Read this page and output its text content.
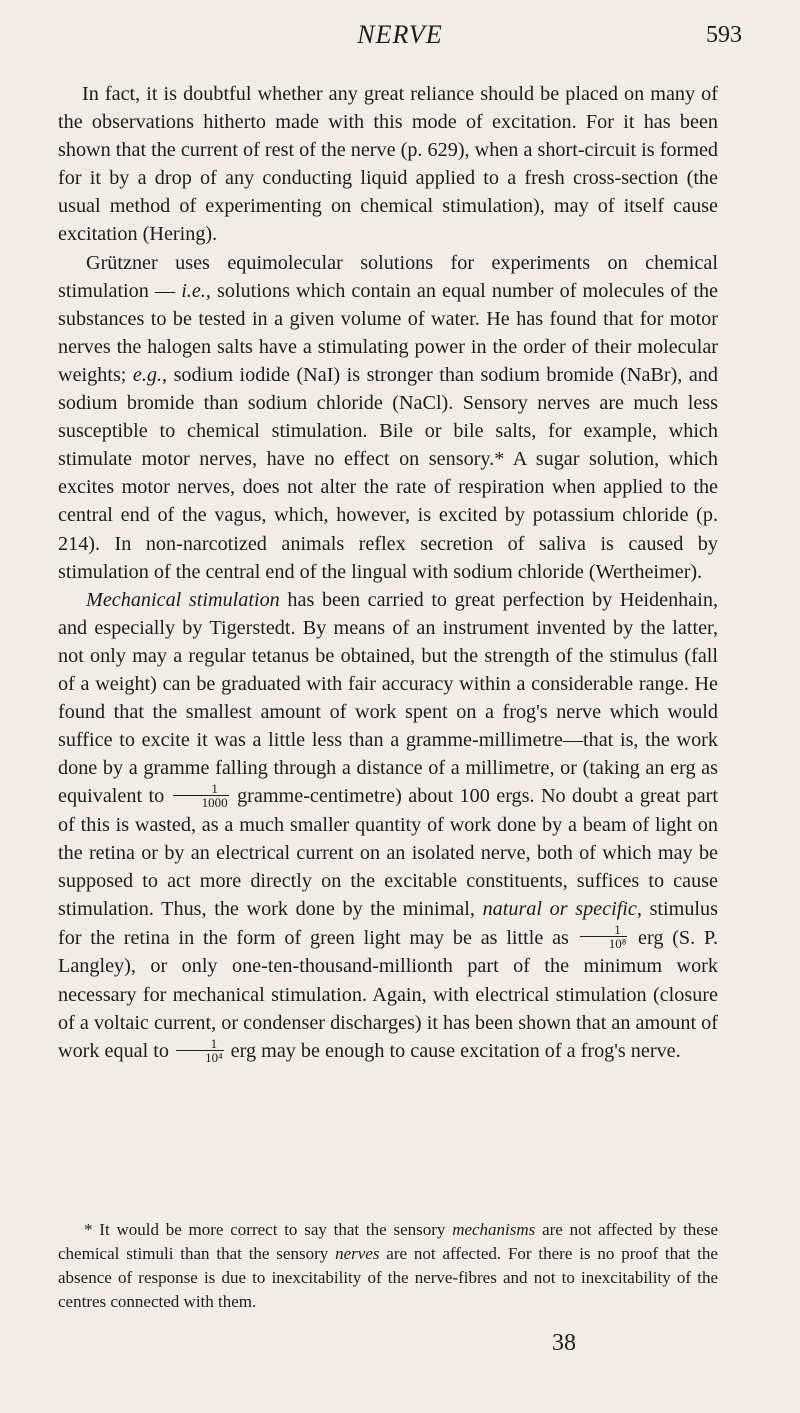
NERVE	593

In fact, it is doubtful whether any great reliance should be placed on many of the observations hitherto made with this mode of excitation. For it has been shown that the current of rest of the nerve (p. 629), when a short-circuit is formed for it by a drop of any conducting liquid applied to a fresh cross-section (the usual method of experimenting on chemical stimulation), may of itself cause excitation (Hering).

Grützner uses equimolecular solutions for experiments on chemical stimulation — i.e., solutions which contain an equal number of molecules of the substances to be tested in a given volume of water. He has found that for motor nerves the halogen salts have a stimulating power in the order of their molecular weights; e.g., sodium iodide (NaI) is stronger than sodium bromide (NaBr), and sodium bromide than sodium chloride (NaCl). Sensory nerves are much less susceptible to chemical stimulation. Bile or bile salts, for example, which stimulate motor nerves, have no effect on sensory.* A sugar solution, which excites motor nerves, does not alter the rate of respiration when applied to the central end of the vagus, which, however, is excited by potassium chloride (p. 214). In non-narcotized animals reflex secretion of saliva is caused by stimulation of the central end of the lingual with sodium chloride (Wertheimer).

Mechanical stimulation has been carried to great perfection by Heidenhain, and especially by Tigerstedt. By means of an instrument invented by the latter, not only may a regular tetanus be obtained, but the strength of the stimulus (fall of a weight) can be graduated with fair accuracy within a considerable range. He found that the smallest amount of work spent on a frog's nerve which would suffice to excite it was a little less than a gramme-millimetre—that is, the work done by a gramme falling through a distance of a millimetre, or (taking an erg as equivalent to $\frac{1}{1000}$ gramme-centimetre) about 100 ergs. No doubt a great part of this is wasted, as a much smaller quantity of work done by a beam of light on the retina or by an electrical current on an isolated nerve, both of which may be supposed to act more directly on the excitable constituents, suffices to cause stimulation. Thus, the work done by the minimal, natural or specific, stimulus for the retina in the form of green light may be as little as $\frac{1}{\text{10⁸}}$ erg (S. P. Langley), or only one-ten-thousand-millionth part of the minimum work necessary for mechanical stimulation. Again, with electrical stimulation (closure of a voltaic current, or condenser discharges) it has been shown that an amount of work equal to $\frac{1}{\text{10⁴}}$ erg may be enough to cause excitation of a frog's nerve.

* It would be more correct to say that the sensory mechanisms are not affected by these chemical stimuli than that the sensory nerves are not affected. For there is no proof that the absence of response is due to inexcitability of the nerve-fibres and not to inexcitability of the centres connected with them.

38
